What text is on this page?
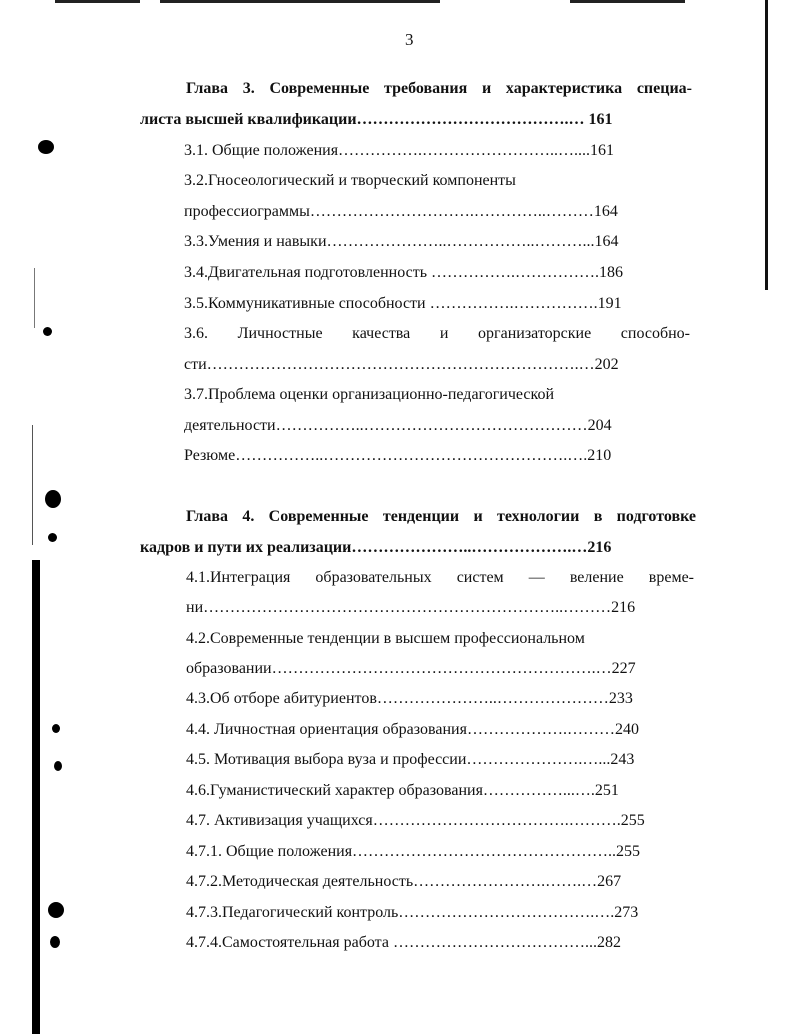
3
Глава 3. Современные требования и характеристика специа-
листа высшей квалификации………………………………….… 161
3.1. Общие положения…………….……………………..…....161
3.2.Гносеологический и творческий компоненты
профессиограммы………………………….…………..………164
3.3.Умения и навыки…………………..……………..………...164
3.4.Двигательная подготовленность …………….…………….186
3.5.Коммуникативные способности …………….…………….191
3.6. Личностные качества и организаторские способно-
сти…………………………………………………………….…202
3.7.Проблема оценки организационно-педагогической
деятельности……………..……………………………………204
Резюме……………..……………………………………….….210
Глава 4. Современные тенденции и технологии в подготовке
кадров и пути их реализации…………………..……………….…216
4.1.Интеграция образовательных систем — веление време-
ни…………………………………………………………..………216
4.2.Современные тенденции в высшем профессиональном
образовании…………………………………………………….…227
4.3.Об отборе абитуриентов…………………..…………………233
4.4. Личностная ориентация образования……………….………240
4.5. Мотивация выбора вуза и профессии………………….…...243
4.6.Гуманистический характер образования……………...….251
4.7. Активизация учащихся……………………………….……….255
4.7.1. Общие положения…………………………………………..255
4.7.2.Методическая деятельность…………………….…….…267
4.7.3.Педагогический контроль……………………………….….273
4.7.4.Самостоятельная работа ………………………………...282
